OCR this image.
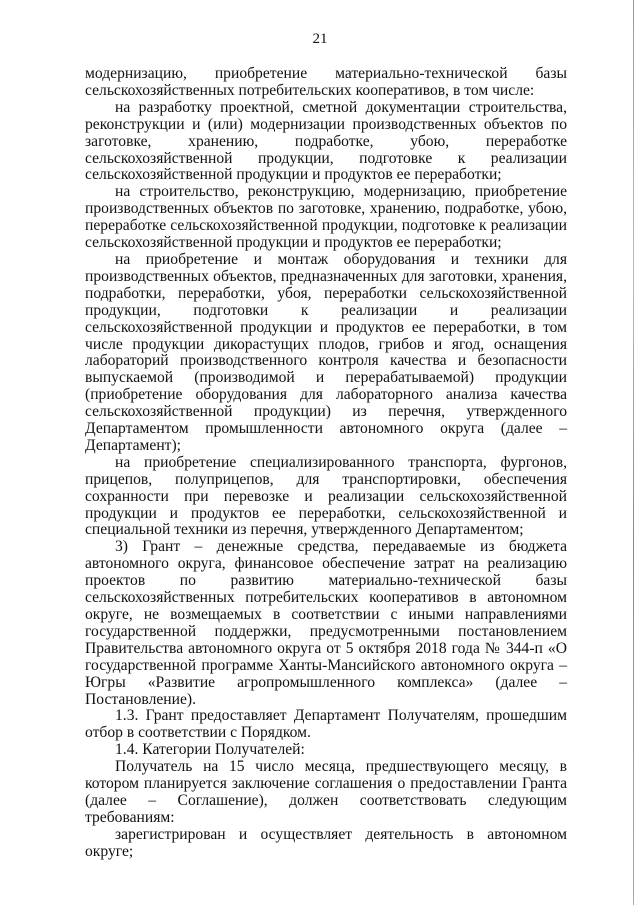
21

модернизацию, приобретение материально-технической базы сельскохозяйственных потребительских кооперативов, в том числе:

на разработку проектной, сметной документации строительства, реконструкции и (или) модернизации производственных объектов по заготовке, хранению, подработке, убою, переработке сельскохозяйственной продукции, подготовке к реализации сельскохозяйственной продукции и продуктов ее переработки;

на строительство, реконструкцию, модернизацию, приобретение производственных объектов по заготовке, хранению, подработке, убою, переработке сельскохозяйственной продукции, подготовке к реализации сельскохозяйственной продукции и продуктов ее переработки;

на приобретение и монтаж оборудования и техники для производственных объектов, предназначенных для заготовки, хранения, подработки, переработки, убоя, переработки сельскохозяйственной продукции, подготовки к реализации и реализации сельскохозяйственной продукции и продуктов ее переработки, в том числе продукции дикорастущих плодов, грибов и ягод, оснащения лабораторий производственного контроля качества и безопасности выпускаемой (производимой и перерабатываемой) продукции (приобретение оборудования для лабораторного анализа качества сельскохозяйственной продукции) из перечня, утвержденного Департаментом промышленности автономного округа (далее – Департамент);

на приобретение специализированного транспорта, фургонов, прицепов, полуприцепов, для транспортировки, обеспечения сохранности при перевозке и реализации сельскохозяйственной продукции и продуктов ее переработки, сельскохозяйственной и специальной техники из перечня, утвержденного Департаментом;

3) Грант – денежные средства, передаваемые из бюджета автономного округа, финансовое обеспечение затрат на реализацию проектов по развитию материально-технической базы сельскохозяйственных потребительских кооперативов в автономном округе, не возмещаемых в соответствии с иными направлениями государственной поддержки, предусмотренными постановлением Правительства автономного округа от 5 октября 2018 года № 344-п «О государственной программе Ханты-Мансийского автономного округа – Югры «Развитие агропромышленного комплекса» (далее – Постановление).

1.3. Грант предоставляет Департамент Получателям, прошедшим отбор в соответствии с Порядком.

1.4. Категории Получателей:

Получатель на 15 число месяца, предшествующего месяцу, в котором планируется заключение соглашения о предоставлении Гранта (далее – Соглашение), должен соответствовать следующим требованиям:

зарегистрирован и осуществляет деятельность в автономном округе;
